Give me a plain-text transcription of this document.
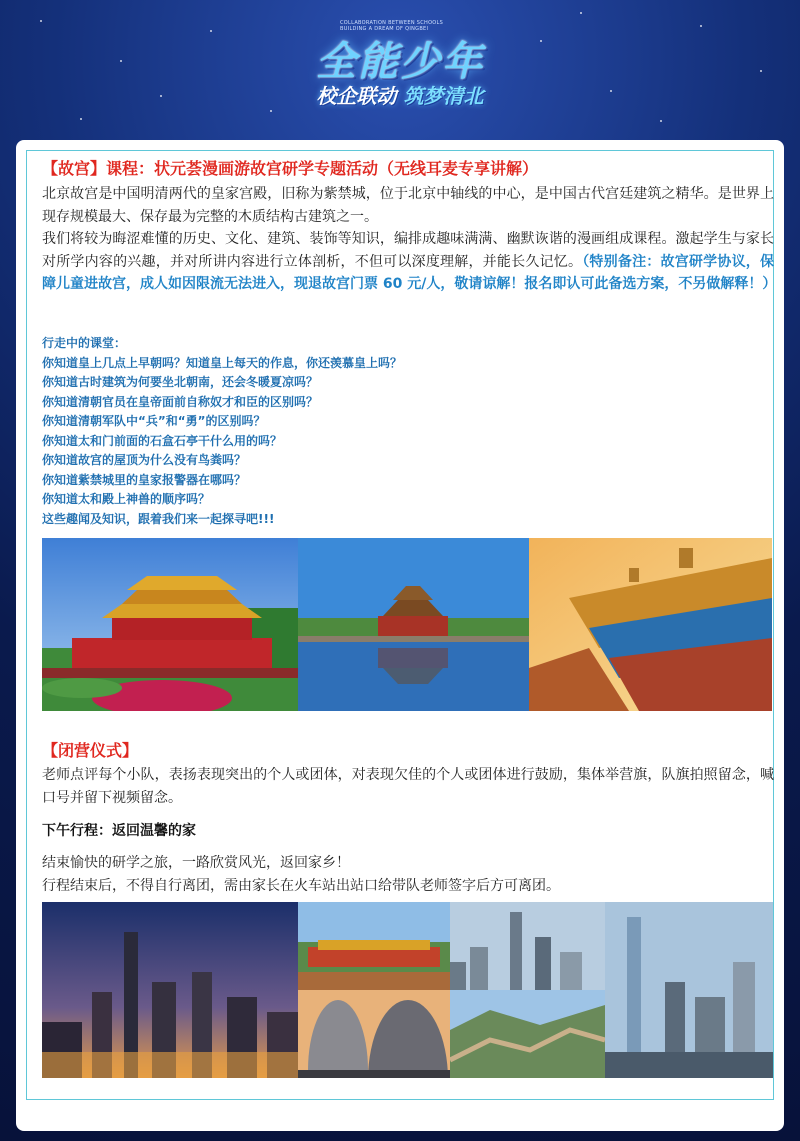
COLLABORATION BETWEEN SCHOOLS
BUILDING A DREAM OF QINGBEI
全能少年
校企联动 筑梦清北
【故宫】课程：状元荟漫画游故宫研学专题活动（无线耳麦专享讲解）
北京故宫是中国明清两代的皇家宫殿，旧称为紫禁城，位于北京中轴线的中心，是中国古代宫廷建筑之精华。是世界上现存规模最大、保存最为完整的木质结构古建筑之一。
我们将较为晦涩难懂的历史、文化、建筑、装饰等知识，编排成趣味满满、幽默诙谐的漫画组成课程。激起学生与家长对所学内容的兴趣，并对所讲内容进行立体剖析，不但可以深度理解，并能长久记忆。（特别备注：故宫研学协议，保障儿童进故宫，成人如因限流无法进入，现退故宫门票 60 元/人，敬请谅解！报名即认可此备选方案，不另做解释！）
行走中的课堂：
你知道皇上几点上早朝吗？知道皇上每天的作息，你还羡慕皇上吗？
你知道古时建筑为何要坐北朝南，还会冬暖夏凉吗？
你知道清朝官员在皇帝面前自称奴才和臣的区别吗？
你知道清朝军队中“兵”和“勇”的区别吗？
你知道太和门前面的石盒石亭干什么用的吗？
你知道故宫的屋顶为什么没有鸟粪吗？
你知道紫禁城里的皇家报警器在哪吗？
你知道太和殿上神兽的顺序吗？
这些趣闻及知识，跟着我们来一起探寻吧!!!
【闭营仪式】
老师点评每个小队，表扬表现突出的个人或团体，对表现欠佳的个人或团体进行鼓励，集体举营旗，队旗拍照留念，喊口号并留下视频留念。
下午行程：返回温馨的家
结束愉快的研学之旅，一路欣赏风光，返回家乡！
行程结束后，不得自行离团，需由家长在火车站出站口给带队老师签字后方可离团。
